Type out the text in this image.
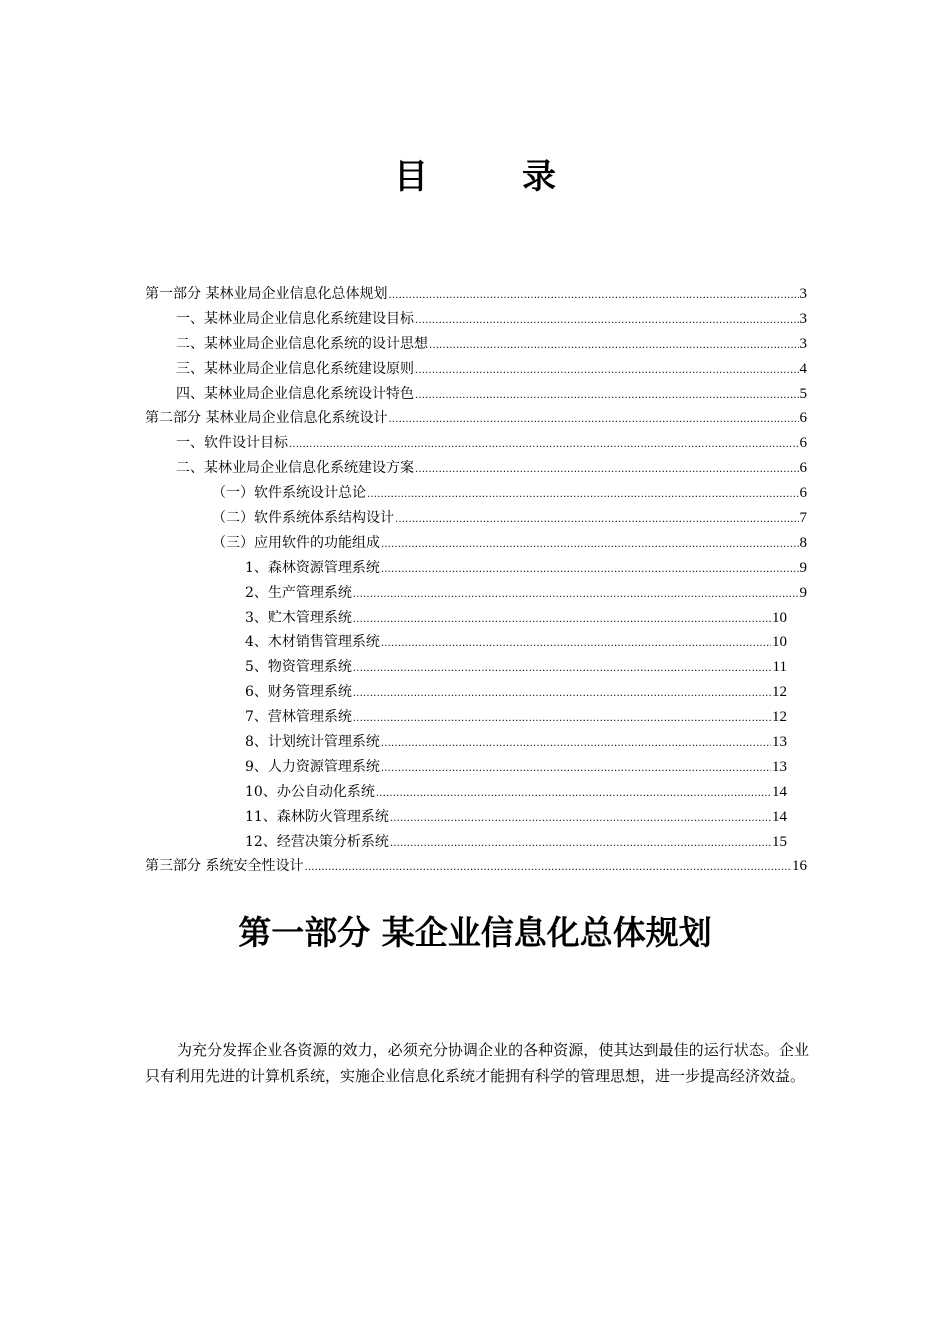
目　录
第一部分 某林业局企业信息化总体规划 .....	3
一、某林业局企业信息化系统建设目标 .....	3
二、某林业局企业信息化系统的设计思想 .....	3
三、某林业局企业信息化系统建设原则 .....	4
四、某林业局企业信息化系统设计特色 .....	5
第二部分 某林业局企业信息化系统设计 .....	6
一、软件设计目标 .....	6
二、某林业局企业信息化系统建设方案 .....	6
（一）软件系统设计总论 .....	6
（二）软件系统体系结构设计 .....	7
（三）应用软件的功能组成 .....	8
1、森林资源管理系统 .....	9
2、生产管理系统 .....	9
3、贮木管理系统 .....	10
4、木材销售管理系统 .....	10
5、物资管理系统 .....	11
6、财务管理系统 .....	12
7、营林管理系统 .....	12
8、计划统计管理系统 .....	13
9、人力资源管理系统 .....	13
10、办公自动化系统 .....	14
11、森林防火管理系统 .....	14
12、经营决策分析系统 .....	15
第三部分 系统安全性设计 .....	16
第一部分 某企业信息化总体规划
为充分发挥企业各资源的效力，必须充分协调企业的各种资源，使其达到最佳的运行状态。企业只有利用先进的计算机系统，实施企业信息化系统才能拥有科学的管理思想，进一步提高经济效益。
